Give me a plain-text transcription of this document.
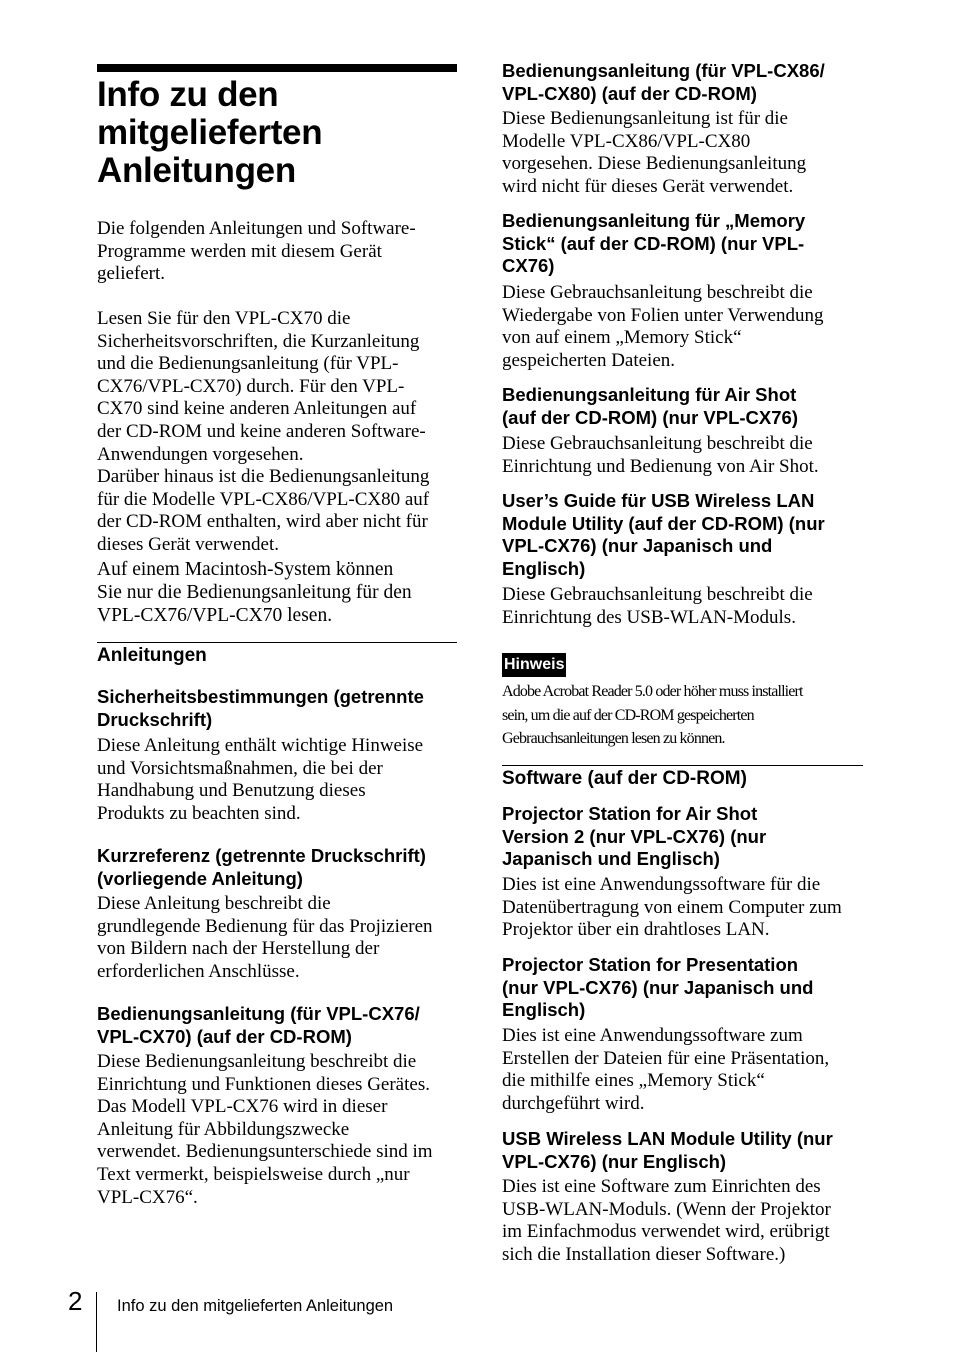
Info zu den
mitgelieferten
Anleitungen

Die folgenden Anleitungen und Software-
Programme werden mit diesem Gerät
geliefert.

Lesen Sie für den VPL-CX70 die
Sicherheitsvorschriften, die Kurzanleitung
und die Bedienungsanleitung (für VPL-
CX76/VPL-CX70) durch. Für den VPL-
CX70 sind keine anderen Anleitungen auf
der CD-ROM und keine anderen Software-
Anwendungen vorgesehen.
Darüber hinaus ist die Bedienungsanleitung
für die Modelle VPL-CX86/VPL-CX80 auf
der CD-ROM enthalten, wird aber nicht für
dieses Gerät verwendet.

Auf einem Macintosh-System können
Sie nur die Bedienungsanleitung für den
VPL-CX76/VPL-CX70 lesen.

Anleitungen
Sicherheitsbestimmungen (getrennte
Druckschrift)

Diese Anleitung enthält wichtige Hinweise
und Vorsichtsmaßnahmen, die bei der
Handhabung und Benutzung dieses
Produkts zu beachten sind.

Kurzreferenz (getrennte Druckschrift)
(vorliegende Anleitung)

Diese Anleitung beschreibt die
grundlegende Bedienung für das Projizieren
von Bildern nach der Herstellung der
erforderlichen Anschlüsse.

Bedienungsanleitung (für VPL-CX76/
VPL-CX70) (auf der CD-ROM)

Diese Bedienungsanleitung beschreibt die
Einrichtung und Funktionen dieses Gerätes.
Das Modell VPL-CX76 wird in dieser
Anleitung für Abbildungszwecke
verwendet. Bedienungsunterschiede sind im
Text vermerkt, beispielsweise durch „nur
VPL-CX76“.

Bedienungsanleitung (für VPL-CX86/
VPL-CX80) (auf der CD-ROM)

Diese Bedienungsanleitung ist für die
Modelle VPL-CX86/VPL-CX80
vorgesehen. Diese Bedienungsanleitung
wird nicht für dieses Gerät verwendet.

Bedienungsanleitung für „Memory
Stick“ (auf der CD-ROM) (nur VPL-
CX76)

Diese Gebrauchsanleitung beschreibt die
Wiedergabe von Folien unter Verwendung
von auf einem „Memory Stick“
gespeicherten Dateien.

Bedienungsanleitung für Air Shot
(auf der CD-ROM) (nur VPL-CX76)

Diese Gebrauchsanleitung beschreibt die
Einrichtung und Bedienung von Air Shot.

User’s Guide für USB Wireless LAN
Module Utility (auf der CD-ROM) (nur
VPL-CX76) (nur Japanisch und
Englisch)

Diese Gebrauchsanleitung beschreibt die
Einrichtung des USB-WLAN-Moduls.

Hinweis

Adobe Acrobat Reader 5.0 oder höher muss installiert
sein, um die auf der CD-ROM gespeicherten
Gebrauchsanleitungen lesen zu können.

Software (auf der CD-ROM)
Projector Station for Air Shot
Version 2 (nur VPL-CX76) (nur
Japanisch und Englisch)

Dies ist eine Anwendungssoftware für die
Datenübertragung von einem Computer zum
Projektor über ein drahtloses LAN.

Projector Station for Presentation
(nur VPL-CX76) (nur Japanisch und
Englisch)

Dies ist eine Anwendungssoftware zum
Erstellen der Dateien für eine Präsentation,
die mithilfe eines „Memory Stick“
durchgeführt wird.

USB Wireless LAN Module Utility (nur
VPL-CX76) (nur Englisch)

Dies ist eine Software zum Einrichten des
USB-WLAN-Moduls. (Wenn der Projektor
im Einfachmodus verwendet wird, erübrigt
sich die Installation dieser Software.)

2 Info zu den mitgelieferten Anleitungen
